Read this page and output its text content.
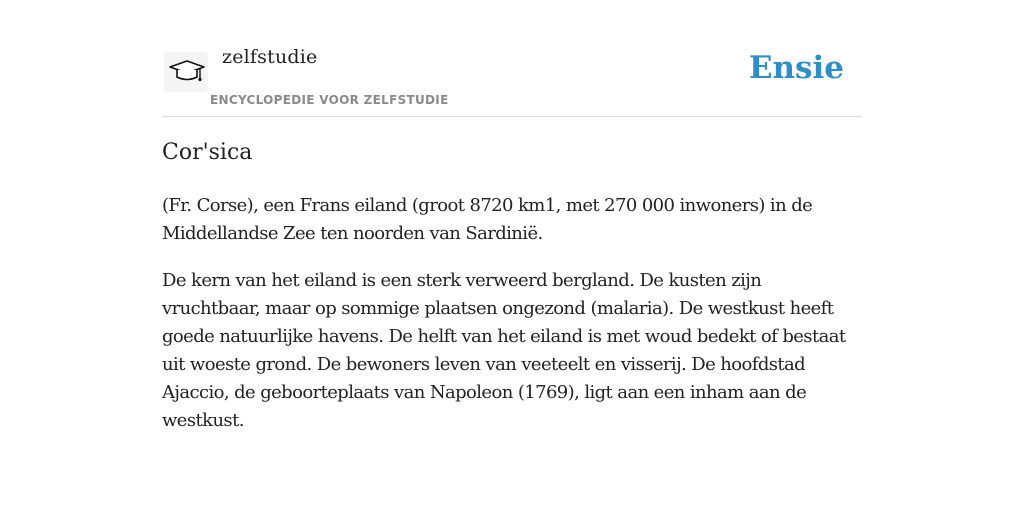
zelfstudie
ENCYCLOPEDIE VOOR ZELFSTUDIE
Ensie
Cor'sica

(Fr. Corse), een Frans eiland (groot 8720 km1, met 270 000 inwoners) in de Middellandse Zee ten noorden van Sardinië.

De kern van het eiland is een sterk verweerd bergland. De kusten zijn vruchtbaar, maar op sommige plaatsen ongezond (malaria). De westkust heeft goede natuurlijke havens. De helft van het eiland is met woud bedekt of bestaat uit woeste grond. De bewoners leven van veeteelt en visserij. De hoofdstad Ajaccio, de geboorteplaats van Napoleon (1769), ligt aan een inham aan de westkust.
